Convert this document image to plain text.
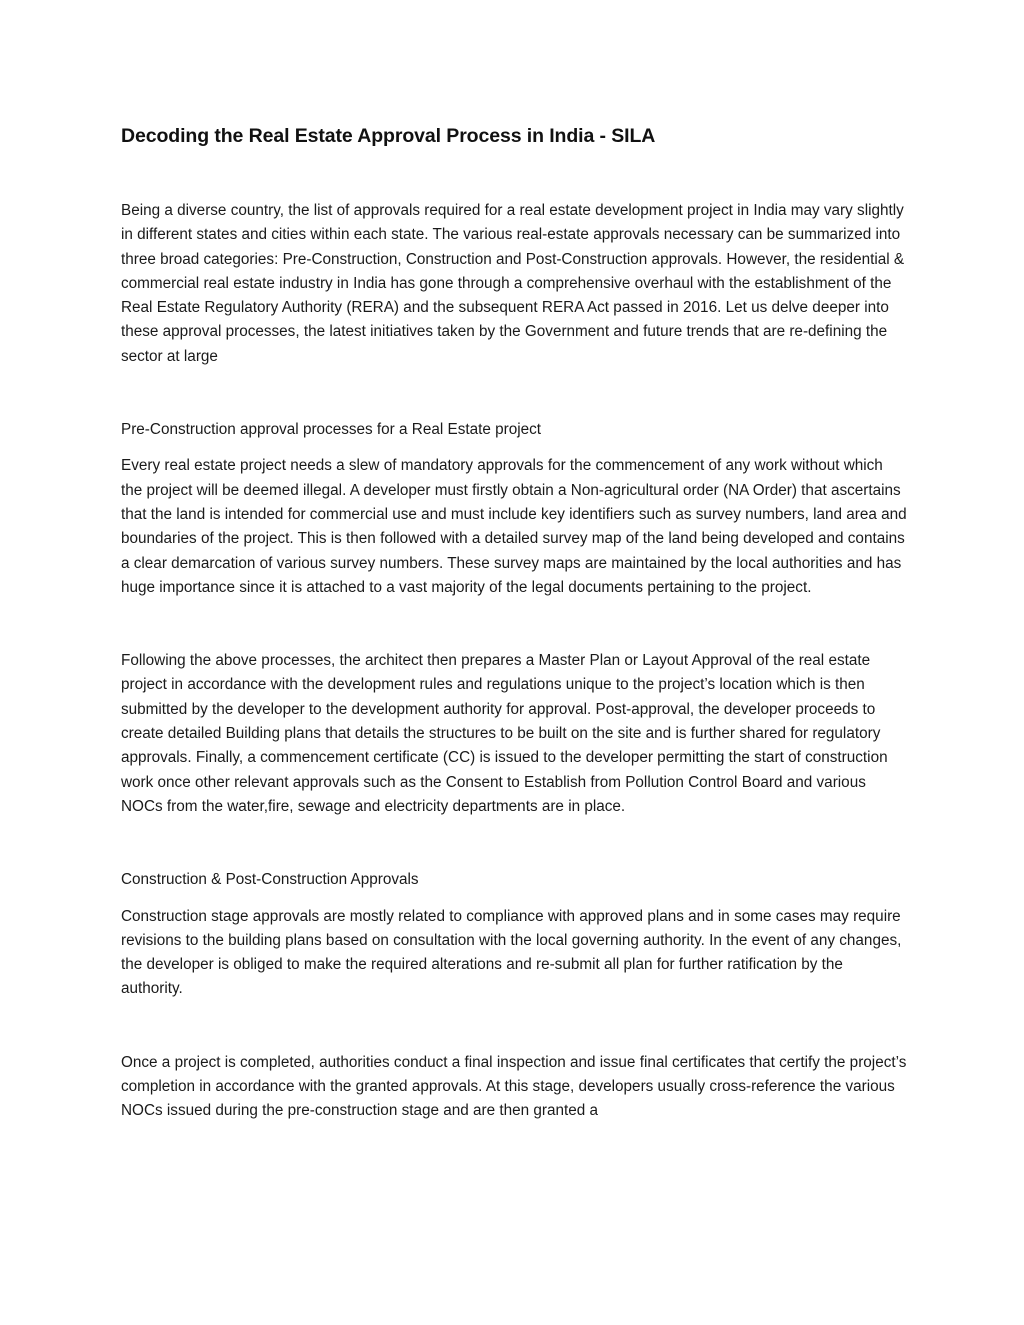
Decoding the Real Estate Approval Process in India - SILA

Being a diverse country, the list of approvals required for a real estate development project in India may vary slightly in different states and cities within each state. The various real-estate approvals necessary can be summarized into three broad categories: Pre-Construction, Construction and Post-Construction approvals. However, the residential & commercial real estate industry in India has gone through a comprehensive overhaul with the establishment of the Real Estate Regulatory Authority (RERA) and the subsequent RERA Act passed in 2016. Let us delve deeper into these approval processes, the latest initiatives taken by the Government and future trends that are re-defining the sector at large

Pre-Construction approval processes for a Real Estate project

Every real estate project needs a slew of mandatory approvals for the commencement of any work without which the project will be deemed illegal. A developer must firstly obtain a Non-agricultural order (NA Order) that ascertains that the land is intended for commercial use and must include key identifiers such as survey numbers, land area and boundaries of the project. This is then followed with a detailed survey map of the land being developed and contains a clear demarcation of various survey numbers. These survey maps are maintained by the local authorities and has huge importance since it is attached to a vast majority of the legal documents pertaining to the project.

Following the above processes, the architect then prepares a Master Plan or Layout Approval of the real estate project in accordance with the development rules and regulations unique to the project’s location which is then submitted by the developer to the development authority for approval. Post-approval, the developer proceeds to create detailed Building plans that details the structures to be built on the site and is further shared for regulatory approvals. Finally, a commencement certificate (CC) is issued to the developer permitting the start of construction work once other relevant approvals such as the Consent to Establish from Pollution Control Board and various NOCs from the water,fire, sewage and electricity departments are in place.

Construction & Post-Construction Approvals

Construction stage approvals are mostly related to compliance with approved plans and in some cases may require revisions to the building plans based on consultation with the local governing authority. In the event of any changes, the developer is obliged to make the required alterations and re-submit all plan for further ratification by the authority.

Once a project is completed, authorities conduct a final inspection and issue final certificates that certify the project’s completion in accordance with the granted approvals. At this stage, developers usually cross-reference the various NOCs issued during the pre-construction stage and are then granted a
